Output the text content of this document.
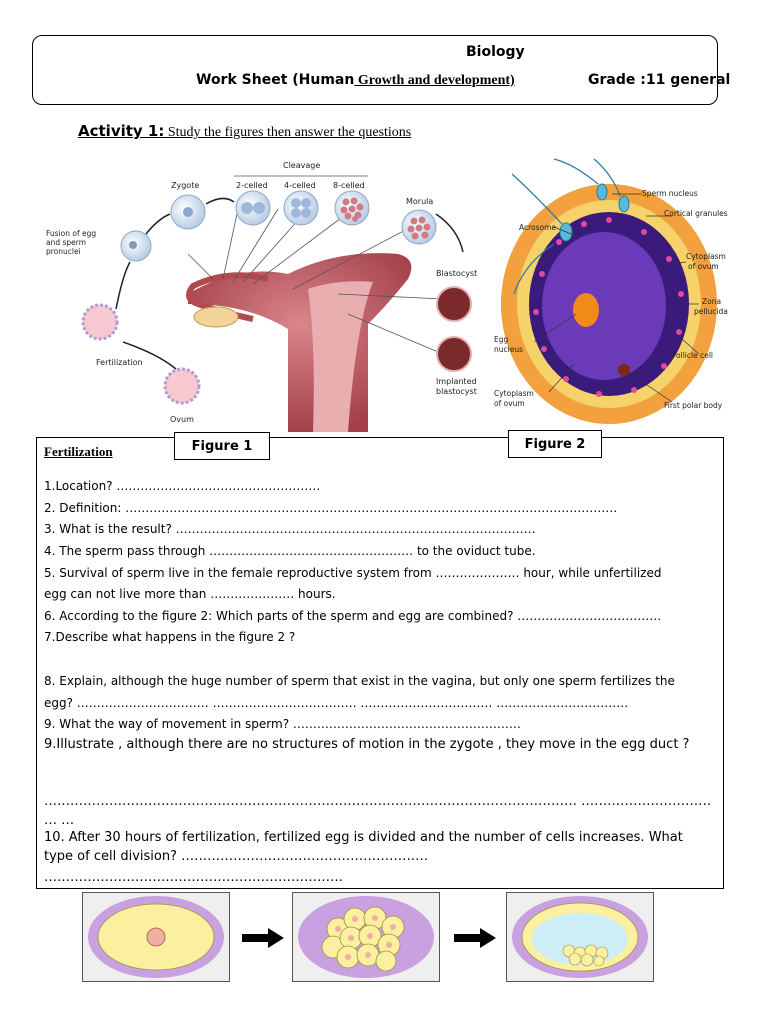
Biology
Work Sheet (Human Growth and development)	Grade :11 general
Activity 1: Study the figures then answer the questions
Cleavage
Zygote	2-celled 4-celled 8-celled
Morula
Fusion of egg
and sperm
pronuclei
Blastocyst
Fertilization
Implanted
blastocyst
Ovum
Sperm nucleus
Cortical granules
Acrosome
Cytoplasm
of ovum
Zona
pellucida
Egg
nucleus
Follicle cell
Cytoplasm
of ovum	First polar body
Figure 1	Figure 2
Fertilization
1.Location? ……………………………………………
2. Definition: ……………………………………………………………………………………………………………
3. What is the result? ………………………………………………………………………………
4. The sperm pass through …………………………………………… to the oviduct tube.
5. Survival of sperm live in the female reproductive system from ………………… hour, while unfertilized
egg can not live more than ………………… hours.
6. According to the figure 2: Which parts of the sperm and egg are combined? ………………………………
7.Describe what happens in the figure 2 ?
8. Explain, although the huge number of sperm that exist in the vagina, but only one sperm fertilizes the
egg? …………………………… ……………………………… …………………………… ……………………………
9. What the way of movement in sperm? …………………………………………………
9.Illustrate , although there are no structures of motion in the zygote , they move in the egg duct ?
…………………………………………………………………………………………………………… ………………………… … …
10. After 30 hours of fertilization, fertilized egg is divided and the number of cells increases. What type of cell division? …………………………………………………
……………………………………………………………
